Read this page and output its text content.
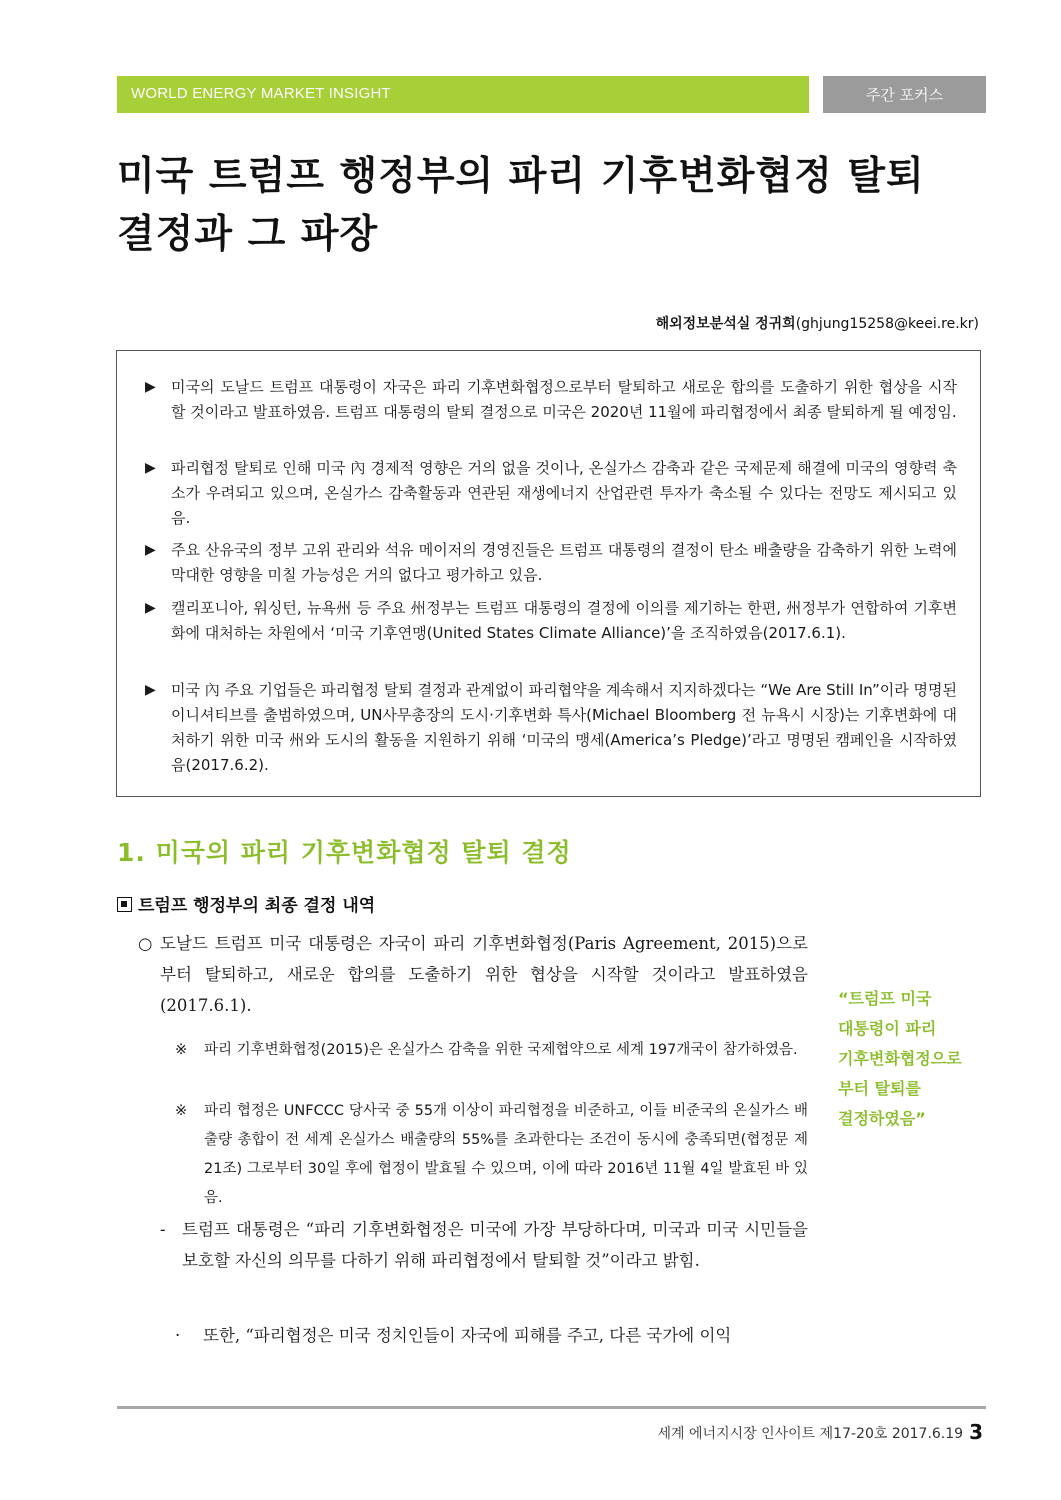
WORLD ENERGY MARKET INSIGHT	주간 포커스
미국 트럼프 행정부의 파리 기후변화협정 탈퇴
결정과 그 파장
해외정보분석실 정귀희(ghjung15258@keei.re.kr)
▶ 미국의 도날드 트럼프 대통령이 자국은 파리 기후변화협정으로부터 탈퇴하고 새로운 합의를 도출하기 위한 협상을 시작할 것이라고 발표하였음. 트럼프 대통령의 탈퇴 결정으로 미국은 2020년 11월에 파리협정에서 최종 탈퇴하게 될 예정임.
▶ 파리협정 탈퇴로 인해 미국 內 경제적 영향은 거의 없을 것이나, 온실가스 감축과 같은 국제문제 해결에 미국의 영향력 축소가 우려되고 있으며, 온실가스 감축활동과 연관된 재생에너지 산업관련 투자가 축소될 수 있다는 전망도 제시되고 있음.
▶ 주요 산유국의 정부 고위 관리와 석유 메이저의 경영진들은 트럼프 대통령의 결정이 탄소 배출량을 감축하기 위한 노력에 막대한 영향을 미칠 가능성은 거의 없다고 평가하고 있음.
▶ 캘리포니아, 워싱턴, 뉴욕州 등 주요 州정부는 트럼프 대통령의 결정에 이의를 제기하는 한편, 州정부가 연합하여 기후변화에 대처하는 차원에서 ‘미국 기후연맹(United States Climate Alliance)’을 조직하였음(2017.6.1).
▶ 미국 內 주요 기업들은 파리협정 탈퇴 결정과 관계없이 파리협약을 계속해서 지지하겠다는 “We Are Still In”이라 명명된 이니셔티브를 출범하였으며, UN사무총장의 도시·기후변화 특사(Michael Bloomberg 전 뉴욕시 시장)는 기후변화에 대처하기 위한 미국 州와 도시의 활동을 지원하기 위해 ‘미국의 맹세(America’s Pledge)’라고 명명된 캠페인을 시작하였음(2017.6.2).
1. 미국의 파리 기후변화협정 탈퇴 결정
트럼프 행정부의 최종 결정 내역
○ 도날드 트럼프 미국 대통령은 자국이 파리 기후변화협정(Paris Agreement, 2015)으로부터 탈퇴하고, 새로운 합의를 도출하기 위한 협상을 시작할 것이라고 발표하였음(2017.6.1).
※ 파리 기후변화협정(2015)은 온실가스 감축을 위한 국제협약으로 세계 197개국이 참가하였음.
※ 파리 협정은 UNFCCC 당사국 중 55개 이상이 파리협정을 비준하고, 이들 비준국의 온실가스 배출량 총합이 전 세계 온실가스 배출량의 55%를 초과한다는 조건이 동시에 충족되면(협정문 제21조) 그로부터 30일 후에 협정이 발효될 수 있으며, 이에 따라 2016년 11월 4일 발효된 바 있음.
- 트럼프 대통령은 “파리 기후변화협정은 미국에 가장 부당하다며, 미국과 미국 시민들을 보호할 자신의 의무를 다하기 위해 파리협정에서 탈퇴할 것”이라고 밝힘.
· 또한, “파리협정은 미국 정치인들이 자국에 피해를 주고, 다른 국가에 이익
“트럼프 미국
대통령이 파리
기후변화협정으로
부터 탈퇴를
결정하였음”
세계 에너지시장 인사이트 제17-20호 2017.6.19 3
